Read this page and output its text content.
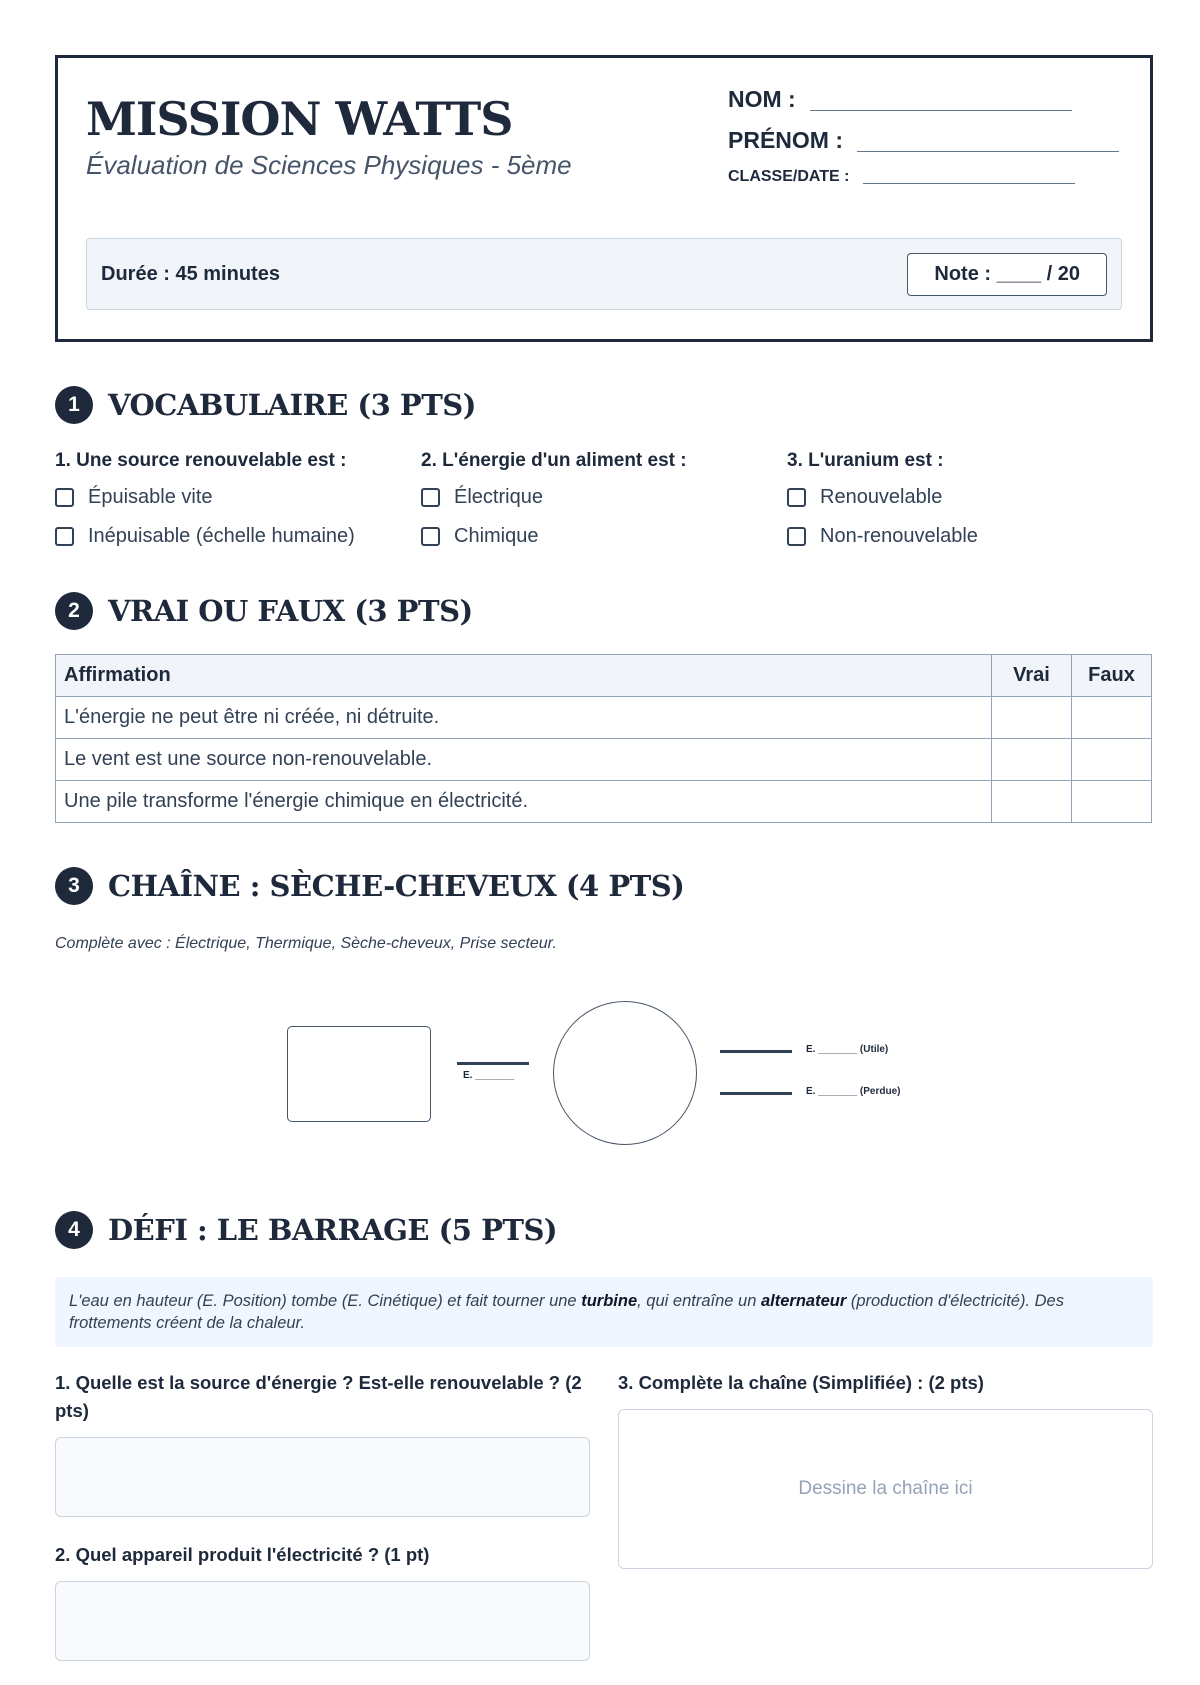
MISSION WATTS
Évaluation de Sciences Physiques - 5ème
NOM :
PRÉNOM :
CLASSE/DATE :
Durée : 45 minutes	Note : ____ / 20
1 VOCABULAIRE (3 PTS)
1. Une source renouvelable est :
Épuisable vite
Inépuisable (échelle humaine)
2. L'énergie d'un aliment est :
Électrique
Chimique
3. L'uranium est :
Renouvelable
Non-renouvelable
2 VRAI OU FAUX (3 PTS)
Affirmation	Vrai	Faux
L'énergie ne peut être ni créée, ni détruite.		
Le vent est une source non-renouvelable.		
Une pile transforme l'énergie chimique en électricité.		
3 CHAÎNE : SÈCHE-CHEVEUX (4 PTS)
Complète avec : Électrique, Thermique, Sèche-cheveux, Prise secteur.
E. _______
E. _______ (Utile)
E. _______ (Perdue)
4 DÉFI : LE BARRAGE (5 PTS)
L'eau en hauteur (E. Position) tombe (E. Cinétique) et fait tourner une turbine, qui entraîne un alternateur (production d'électricité). Des frottements créent de la chaleur.
1. Quelle est la source d'énergie ? Est-elle renouvelable ? (2 pts)
2. Quel appareil produit l'électricité ? (1 pt)
3. Complète la chaîne (Simplifiée) : (2 pts)
Dessine la chaîne ici
